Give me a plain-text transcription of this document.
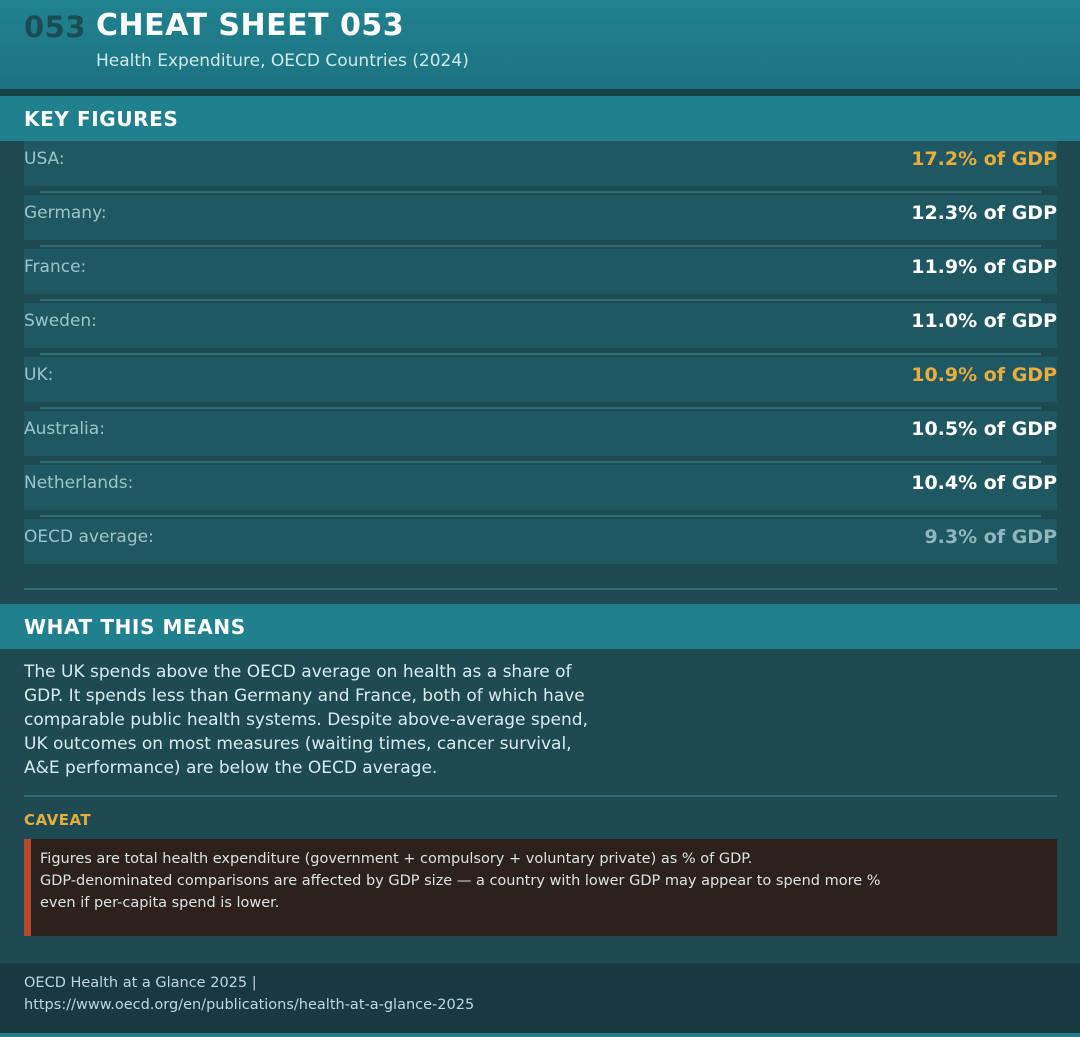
053 CHEAT SHEET 053
Health Expenditure, OECD Countries (2024)
KEY FIGURES
USA:	17.2% of GDP
Germany:	12.3% of GDP
France:	11.9% of GDP
Sweden:	11.0% of GDP
UK:	10.9% of GDP
Australia:	10.5% of GDP
Netherlands:	10.4% of GDP
OECD average:	9.3% of GDP
WHAT THIS MEANS
The UK spends above the OECD average on health as a share of
GDP. It spends less than Germany and France, both of which have
comparable public health systems. Despite above-average spend,
UK outcomes on most measures (waiting times, cancer survival,
A&E performance) are below the OECD average.
CAVEAT
Figures are total health expenditure (government + compulsory + voluntary private) as % of GDP.
GDP-denominated comparisons are affected by GDP size — a country with lower GDP may appear to spend more %
even if per-capita spend is lower.
OECD Health at a Glance 2025 |
https://www.oecd.org/en/publications/health-at-a-glance-2025
